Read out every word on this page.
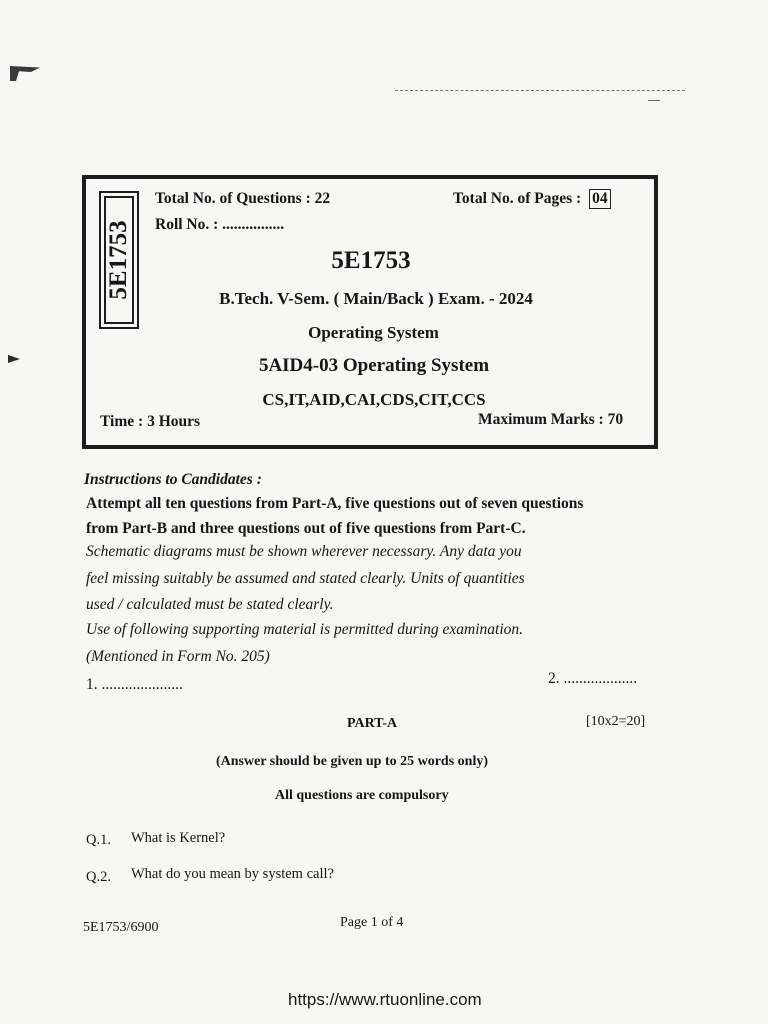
5E1753
Total No. of Questions : 22	Total No. of Pages : 04
Roll No. : ................
5E1753
B.Tech. V-Sem. ( Main/Back ) Exam. - 2024
Operating System
5AID4-03 Operating System
CS,IT,AID,CAI,CDS,CIT,CCS
Time : 3 Hours	Maximum Marks : 70
Instructions to Candidates :
Attempt all ten questions from Part-A, five questions out of seven questions
from Part-B and three questions out of five questions from Part-C.
Schematic diagrams must be shown wherever necessary. Any data you
feel missing suitably be assumed and stated clearly. Units of quantities
used / calculated must be stated clearly.
Use of following supporting material is permitted during examination.
(Mentioned in Form No. 205)
1. .....................	2. ...................
PART-A	[10x2=20]
(Answer should be given up to 25 words only)
All questions are compulsory
Q.1. What is Kernel?
Q.2. What do you mean by system call?
5E1753/6900	Page 1 of 4
https://www.rtuonline.com
